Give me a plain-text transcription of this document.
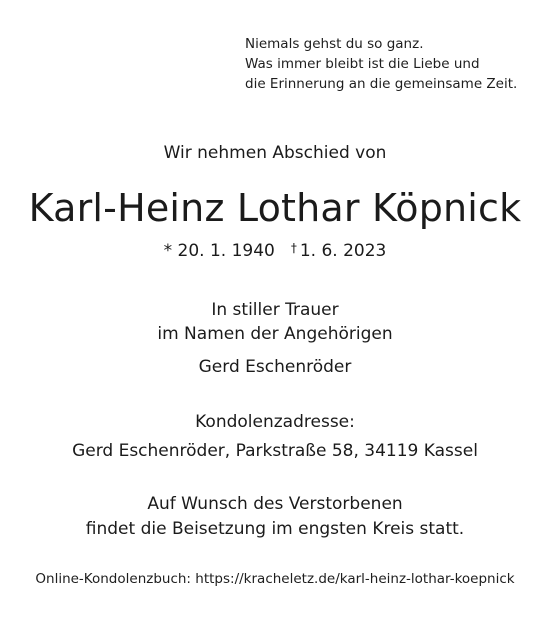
Niemals gehst du so ganz.
Was immer bleibt ist die Liebe und
die Erinnerung an die gemeinsame Zeit.
Wir nehmen Abschied von
Karl-Heinz Lothar Köpnick
* 20. 1. 1940 † 1. 6. 2023
In stiller Trauer
im Namen der Angehörigen
Gerd Eschenröder
Kondolenzadresse:
Gerd Eschenröder, Parkstraße 58, 34119 Kassel
Auf Wunsch des Verstorbenen
findet die Beisetzung im engsten Kreis statt.
Online-Kondolenzbuch: https://kracheletz.de/karl-heinz-lothar-koepnick
